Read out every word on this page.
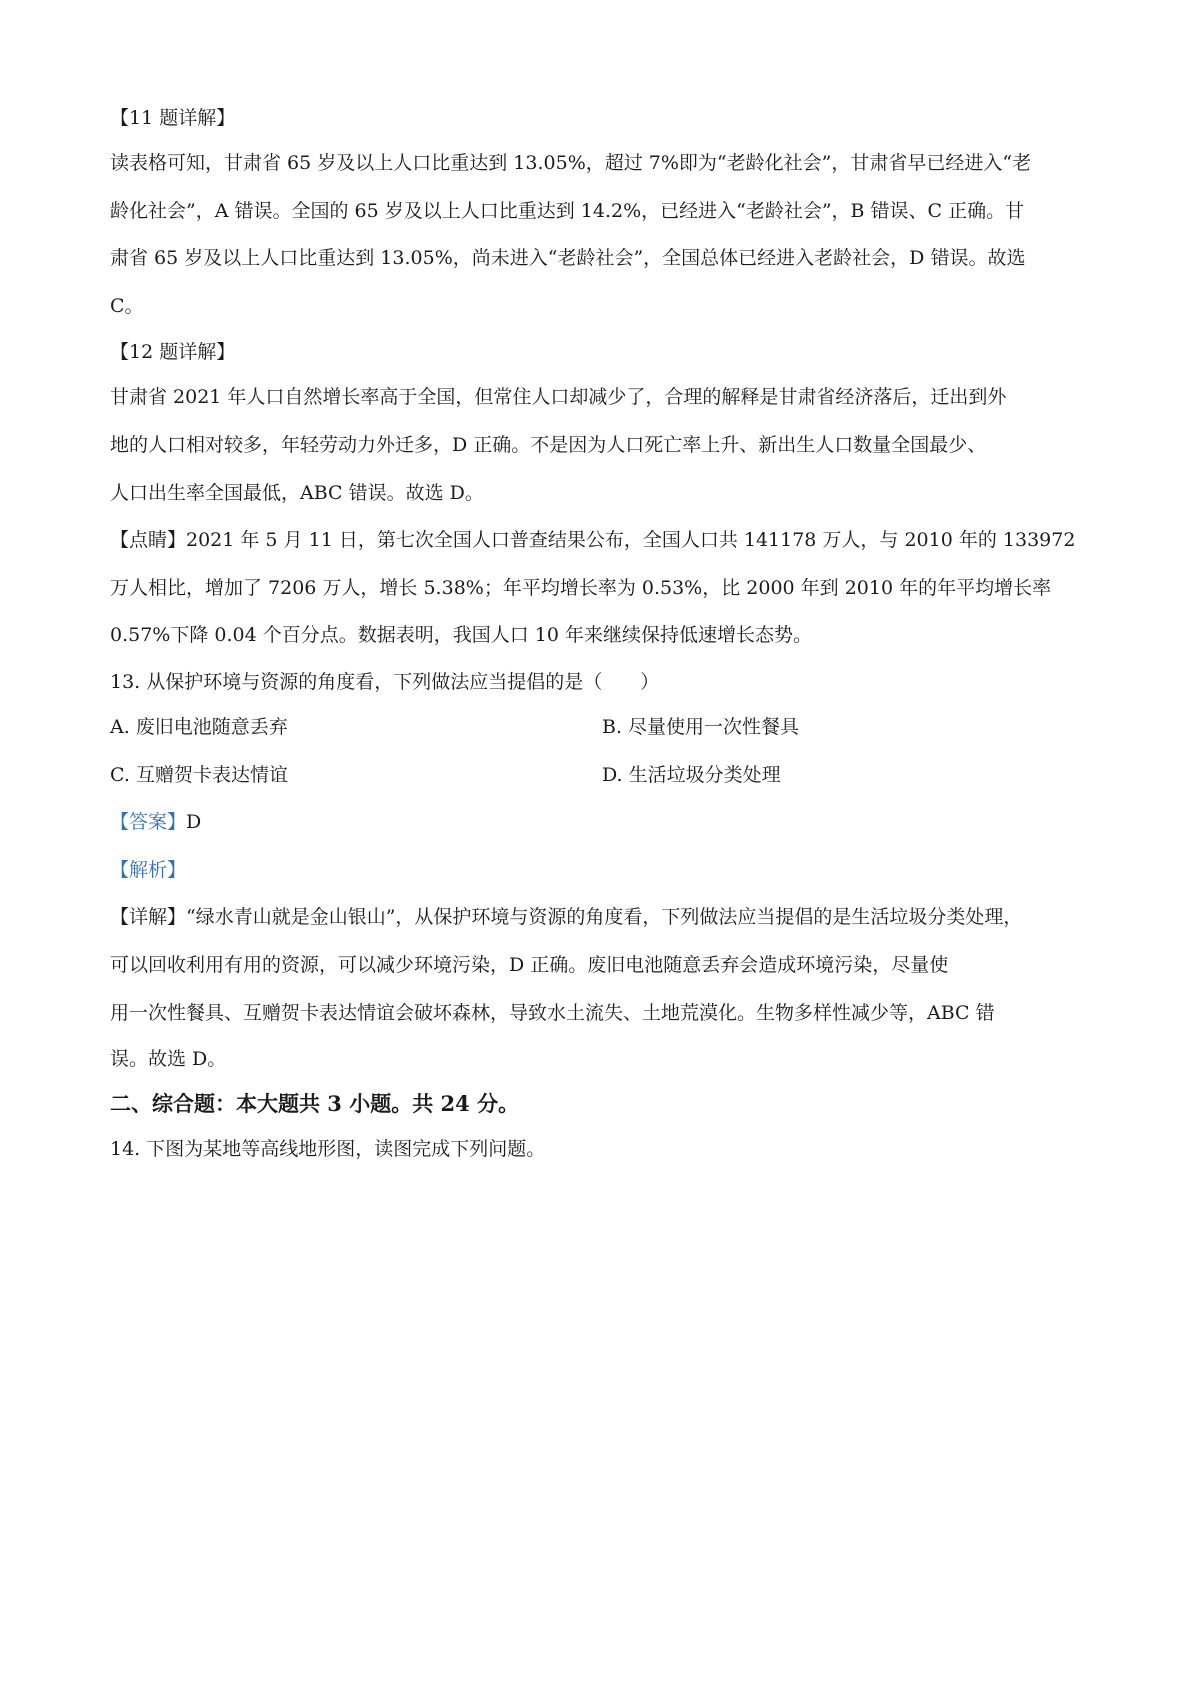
【11 题详解】
读表格可知，甘肃省 65 岁及以上人口比重达到 13.05%，超过 7%即为“老龄化社会”，甘肃省早已经进入“老
龄化社会”，A 错误。全国的 65 岁及以上人口比重达到 14.2%，已经进入“老龄社会”，B 错误、C 正确。甘
肃省 65 岁及以上人口比重达到 13.05%，尚未进入“老龄社会”，全国总体已经进入老龄社会，D 错误。故选
C。
【12 题详解】
甘肃省 2021 年人口自然增长率高于全国，但常住人口却减少了，合理的解释是甘肃省经济落后，迁出到外
地的人口相对较多，年轻劳动力外迁多，D 正确。不是因为人口死亡率上升、新出生人口数量全国最少、
人口出生率全国最低，ABC 错误。故选 D。
【点睛】2021 年 5 月 11 日，第七次全国人口普查结果公布，全国人口共 141178 万人，与 2010 年的 133972
万人相比，增加了 7206 万人，增长 5.38%；年平均增长率为 0.53%，比 2000 年到 2010 年的年平均增长率
0.57%下降 0.04 个百分点。数据表明，我国人口 10 年来继续保持低速增长态势。
13. 从保护环境与资源的角度看，下列做法应当提倡的是（　　）
A. 废旧电池随意丢弃	B. 尽量使用一次性餐具
C. 互赠贺卡表达情谊	D. 生活垃圾分类处理
【答案】D
【解析】
【详解】“绿水青山就是金山银山”，从保护环境与资源的角度看，下列做法应当提倡的是生活垃圾分类处理，
可以回收利用有用的资源，可以减少环境污染，D 正确。废旧电池随意丢弃会造成环境污染，尽量使
用一次性餐具、互赠贺卡表达情谊会破坏森林，导致水土流失、土地荒漠化。生物多样性减少等，ABC 错
误。故选 D。
二、综合题：本大题共 3 小题。共 24 分。
14. 下图为某地等高线地形图，读图完成下列问题。
